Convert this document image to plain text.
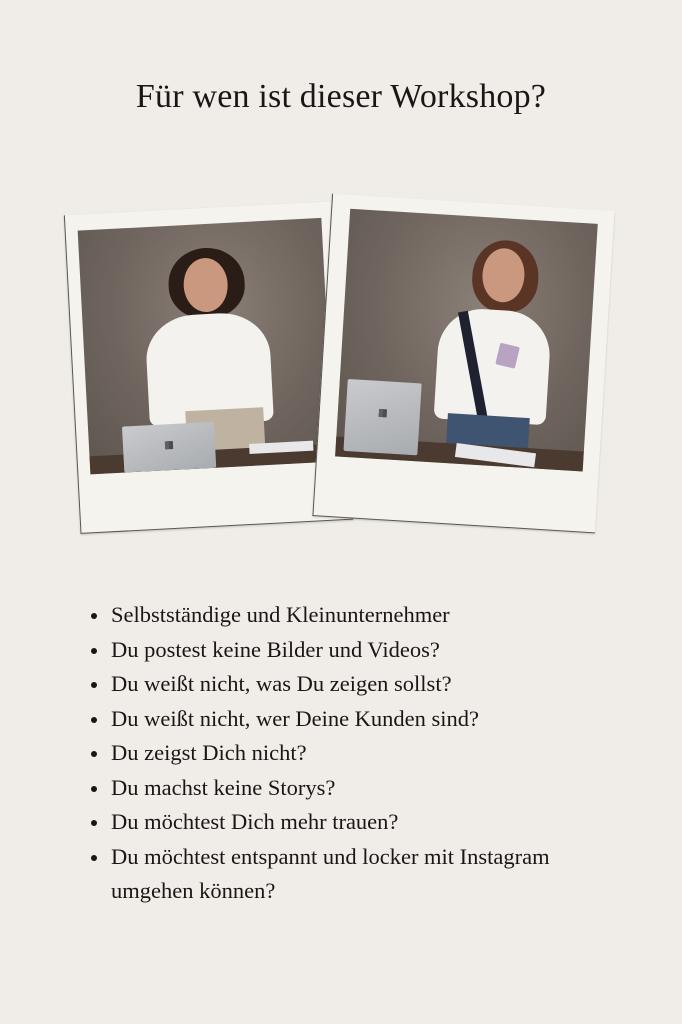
Für wen ist dieser Workshop?
Selbstständige und Kleinunternehmer
Du postest keine Bilder und Videos?
Du weißt nicht, was Du zeigen sollst?
Du weißt nicht, wer Deine Kunden sind?
Du zeigst Dich nicht?
Du machst keine Storys?
Du möchtest Dich mehr trauen?
Du möchtest entspannt und locker mit Instagram umgehen können?
